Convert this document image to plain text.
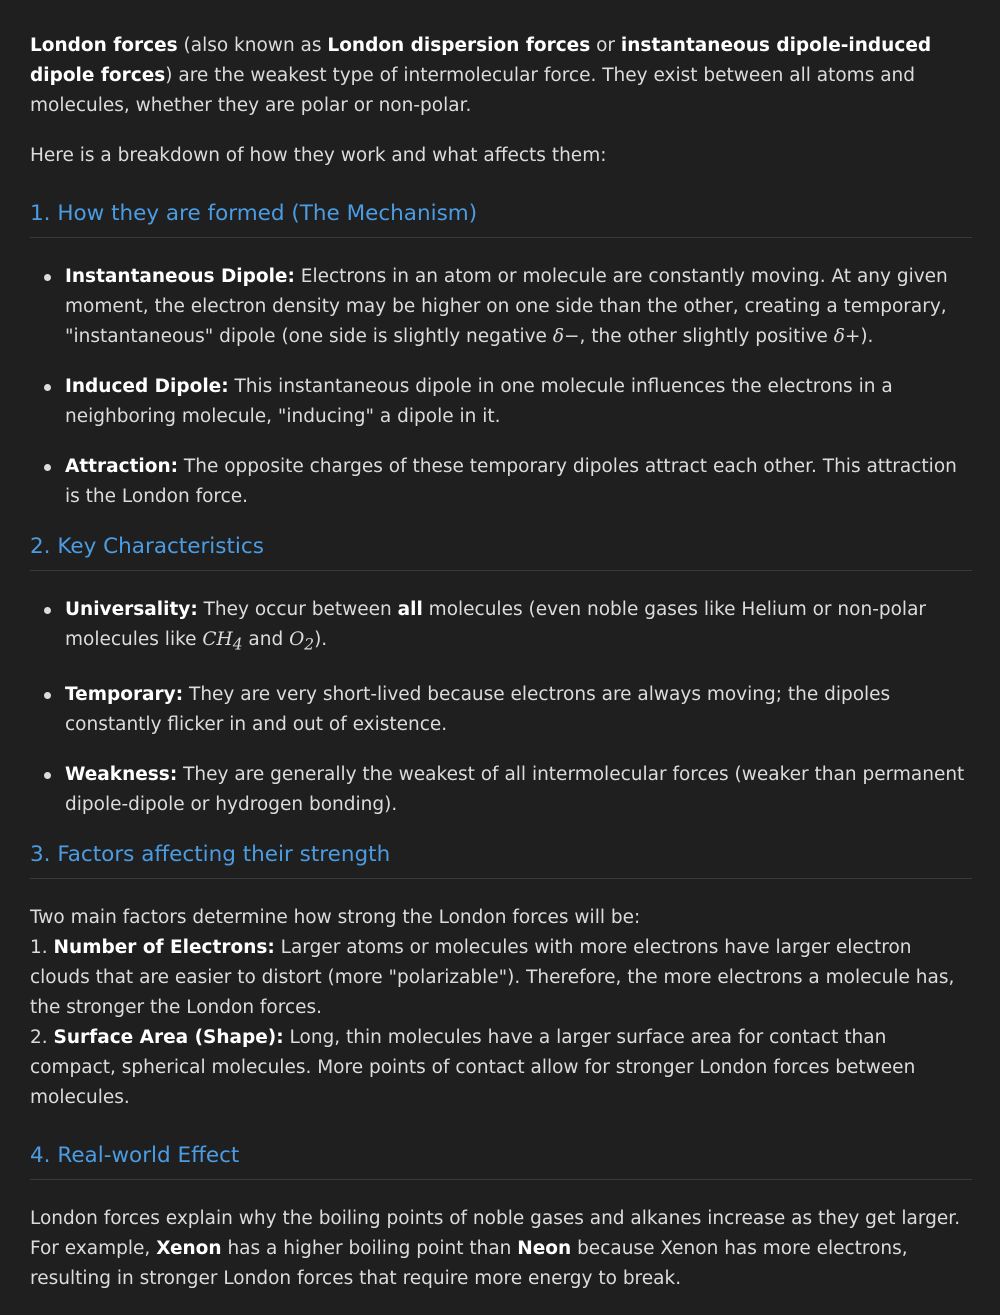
London forces (also known as London dispersion forces or instantaneous dipole-induced dipole forces) are the weakest type of intermolecular force. They exist between all atoms and molecules, whether they are polar or non-polar.

Here is a breakdown of how they work and what affects them:

1. How they are formed (The Mechanism)
Instantaneous Dipole: Electrons in an atom or molecule are constantly moving. At any given moment, the electron density may be higher on one side than the other, creating a temporary, "instantaneous" dipole (one side is slightly negative δ−, the other slightly positive δ+).
Induced Dipole: This instantaneous dipole in one molecule influences the electrons in a neighboring molecule, "inducing" a dipole in it.
Attraction: The opposite charges of these temporary dipoles attract each other. This attraction is the London force.
2. Key Characteristics
Universality: They occur between all molecules (even noble gases like Helium or non-polar molecules like $CH_4$ and $O_2$).
Temporary: They are very short-lived because electrons are always moving; the dipoles constantly flicker in and out of existence.
Weakness: They are generally the weakest of all intermolecular forces (weaker than permanent dipole-dipole or hydrogen bonding).
3. Factors affecting their strength

Two main factors determine how strong the London forces will be:

1. Number of Electrons: Larger atoms or molecules with more electrons have larger electron clouds that are easier to distort (more "polarizable"). Therefore, the more electrons a molecule has, the stronger the London forces.

2. Surface Area (Shape): Long, thin molecules have a larger surface area for contact than compact, spherical molecules. More points of contact allow for stronger London forces between molecules.

4. Real-world Effect

London forces explain why the boiling points of noble gases and alkanes increase as they get larger. For example, Xenon has a higher boiling point than Neon because Xenon has more electrons, resulting in stronger London forces that require more energy to break.
